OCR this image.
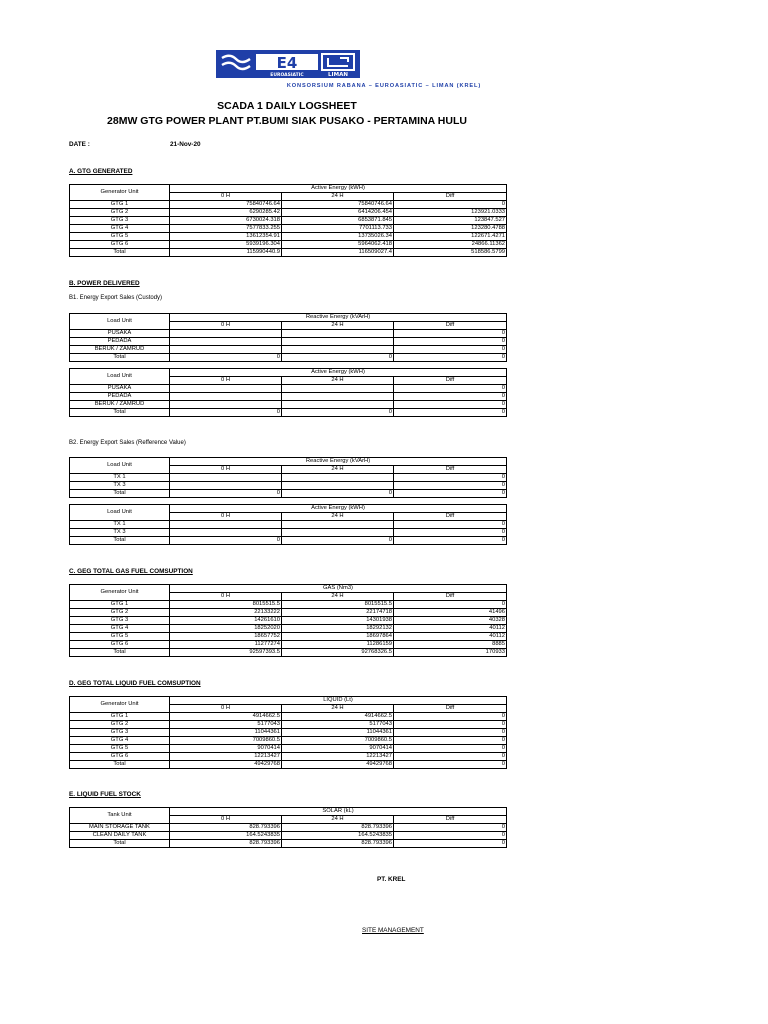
E4
EUROASIATIC	LIMAN
KONSORSIUM RABANA – EUROASIATIC – LIMAN (KREL)
SCADA 1 DAILY LOGSHEET
28MW GTG POWER PLANT PT.BUMI SIAK PUSAKO - PERTAMINA HULU
DATE :	21-Nov-20
A. GTG GENERATED
Generator Unit	Active Energy (kWH)		
	0 H	24 H	Diff
GTG 1	75840746.64	75840746.64	0
GTG 2	6290285.42	6414206.454	123921.0333
GTG 3	6730024.318	6853871.845	123847.527
GTG 4	7577833.255	7701113.733	123280.4788
GTG 5	13612354.91	13735026.34	122671.4271
GTG 6	5939196.304	5964062.418	24866.11362
Total	115990440.9	116509027.4	518586.5799
B. POWER DELIVERED
B1. Energy Export Sales (Custody)
Load Unit	Reactive Energy (kVArH)		
	0 H	24 H	Diff
PUSAKA			0
PEDADA			0
BERUK / ZAMRUD			0
Total	0	0	0

Load Unit	Active Energy (kWH)		
	0 H	24 H	Diff
PUSAKA			0
PEDADA			0
BERUK / ZAMRUD			0
Total	0	0	0
B2. Energy Export Sales (Refference Value)
Load Unit	Reactive Energy (kVArH)		
	0 H	24 H	Diff
TX 1			0
TX 3			0
Total	0	0	0

Load Unit	Active Energy (kWH)		
	0 H	24 H	Diff
TX 1			0
TX 3			0
Total	0	0	0
C. GEG TOTAL GAS FUEL COMSUPTION
Generator Unit	GAS (Nm3)		
	0 H	24 H	Diff
GTG 1	8015515.5	8015515.5	0
GTG 2	22133222	22174718	41496
GTG 3	14261610	14301938	40328
GTG 4	18252020	18292132	40112
GTG 5	18657752	18697864	40112
GTG 6	11277274	11286159	8885
Total	92597393.5	92768326.5	170933
D. GEG TOTAL LIQUID FUEL COMSUPTION
Generator Unit	LIQUID (Lt)		
	0 H	24 H	Diff
GTG 1	4914662.5	4914662.5	0
GTG 2	5177043	5177043	0
GTG 3	11044361	11044361	0
GTG 4	7009860.5	7009860.5	0
GTG 5	9070414	9070414	0
GTG 6	12213427	12213427	0
Total	49429768	49429768	0
E. LIQUID FUEL STOCK
Tank Unit	SOLAR (kL)		
	0 H	24 H	Diff
MAIN STORAGE TANK	828.793396	828.793396	0
CLEAN DAILY TANK	164.5243835	164.5243835	0
Total	828.793396	828.793396	0
PT. KREL
SITE MANAGEMENT
